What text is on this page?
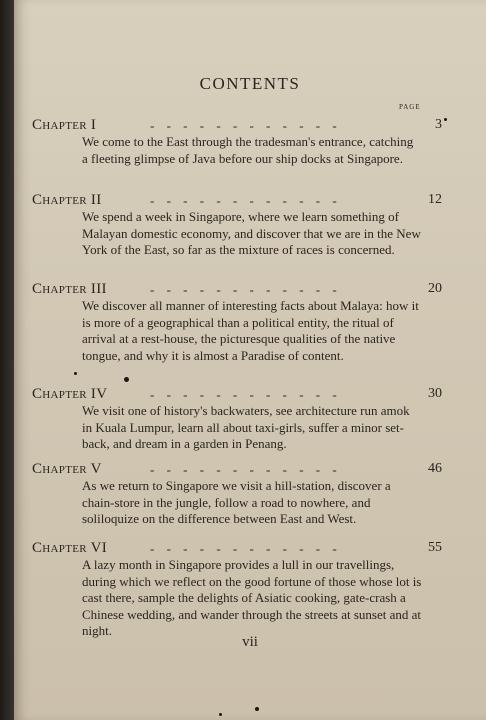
CONTENTS
PAGE
Chapter I	- - - - - - - - - - - -	3
We come to the East through the tradesman's entrance, catching a fleeting glimpse of Java before our ship docks at Singapore.
Chapter II	- - - - - - - - - - - -	12
We spend a week in Singapore, where we learn something of Malayan domestic economy, and discover that we are in the New York of the East, so far as the mixture of races is concerned.
Chapter III	- - - - - - - - - - - -	20
We discover all manner of interesting facts about Malaya: how it is more of a geographical than a political entity, the ritual of arrival at a rest-house, the picturesque qualities of the native tongue, and why it is almost a Paradise of content.
Chapter IV	- - - - - - - - - - - -	30
We visit one of history's backwaters, see architecture run amok in Kuala Lumpur, learn all about taxi-girls, suffer a minor set-back, and dream in a garden in Penang.
Chapter V	- - - - - - - - - - - -	46
As we return to Singapore we visit a hill-station, discover a chain-store in the jungle, follow a road to nowhere, and soliloquize on the difference between East and West.
Chapter VI	- - - - - - - - - - - -	55
A lazy month in Singapore provides a lull in our travellings, during which we reflect on the good fortune of those whose lot is cast there, sample the delights of Asiatic cooking, gate-crash a Chinese wedding, and wander through the streets at sunset and at night.
vii
